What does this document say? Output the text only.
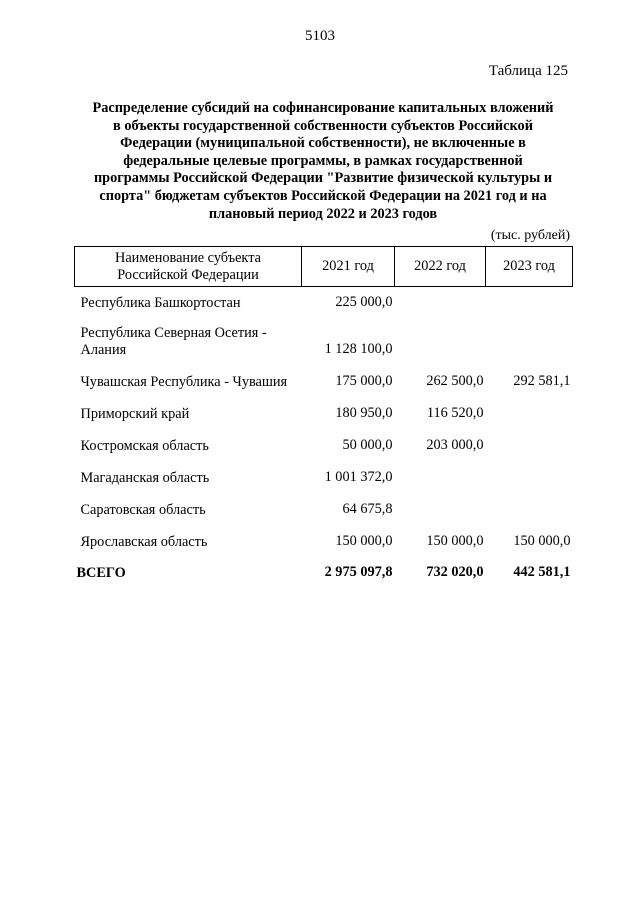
5103
Таблица 125
Распределение субсидий на софинансирование капитальных вложений
в объекты государственной собственности субъектов Российской
Федерации (муниципальной собственности), не включенные в
федеральные целевые программы, в рамках государственной
программы Российской Федерации "Развитие физической культуры и
спорта" бюджетам субъектов Российской Федерации на 2021 год и на
плановый период 2022 и 2023 годов
(тыс. рублей)
Наименование субъекта
Российской Федерации	2021 год	2022 год	2023 год
Республика Башкортостан	225 000,0		
Республика Северная Осетия - Алания	1 128 100,0		
Чувашская Республика - Чувашия	175 000,0	262 500,0	292 581,1
Приморский край	180 950,0	116 520,0	
Костромская область	50 000,0	203 000,0	
Магаданская область	1 001 372,0		
Саратовская область	64 675,8		
Ярославская область	150 000,0	150 000,0	150 000,0
ВСЕГО	2 975 097,8	732 020,0	442 581,1
